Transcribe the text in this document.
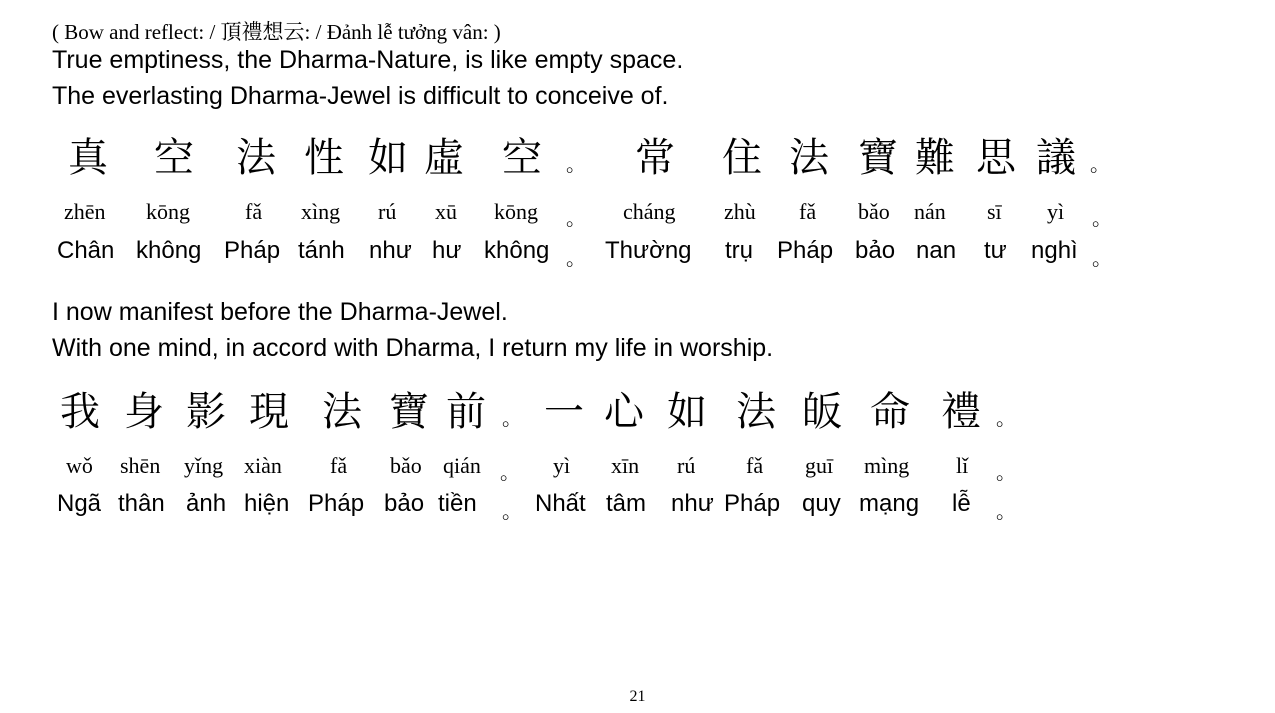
( Bow and reflect: / 頂禮想云: / Đảnh lễ tưởng vân: )
True emptiness, the Dharma-Nature, is like empty space.
The everlasting Dharma-Jewel is difficult to conceive of.
真 空 法 性 如 虛 空 。 常 住 法 寶 難 思 議 。
zhēn kōng	fǎ xìng rú xū kōng 。 cháng zhù fǎ bǎo nán sī yì 。
Chân không Pháp tánh như hư không 。 Thường trụ Pháp bảo nan tư nghì 。
I now manifest before the Dharma-Jewel.
With one mind, in accord with Dharma, I return my life in worship.
我 身 影 現 法 寶 前 。 一 心 如 法 皈 命 禮 。
wǒ shēn yǐng xiàn fǎ bǎo qián 。 yì xīn rú fǎ guī mìng lǐ 。
Ngã thân ảnh hiện Pháp bảo tiền 。 Nhất tâm như Pháp quy mạng lễ 。
21
